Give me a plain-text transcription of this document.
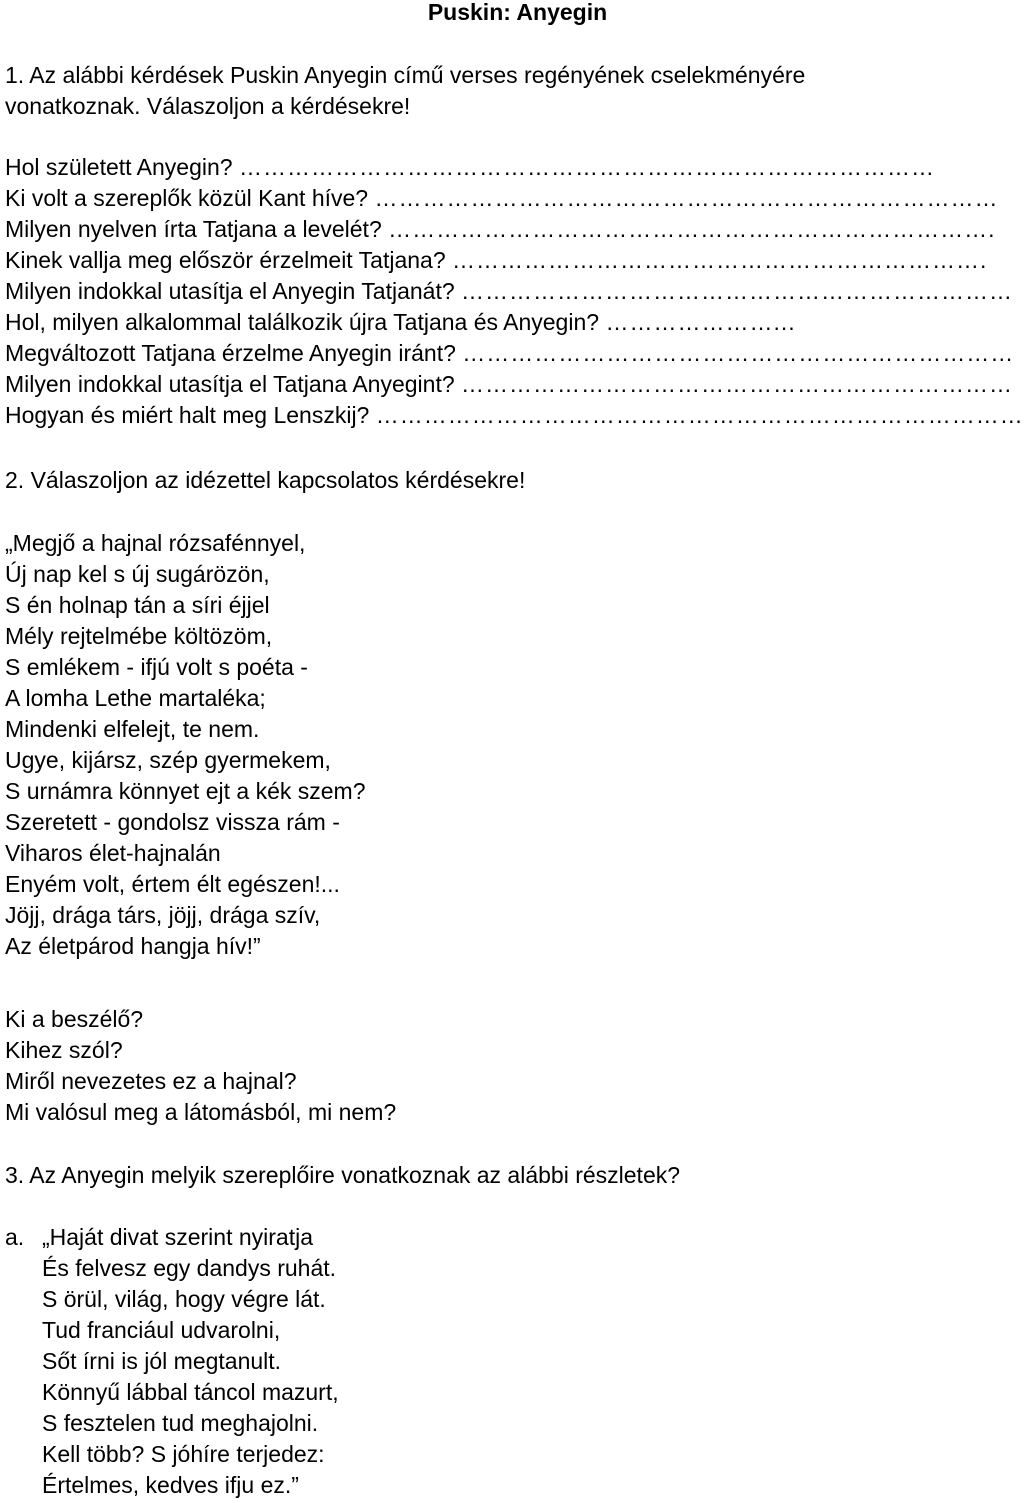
Puskin: Anyegin
1. Az alábbi kérdések Puskin Anyegin című verses regényének cselekményére
vonatkoznak. Válaszoljon a kérdésekre!
Hol született Anyegin? ……………………………………………………………………………
Ki volt a szereplők közül Kant híve? ……………………………………………………………………
Milyen nyelven írta Tatjana a levelét? ………………………………………………………………….
Kinek vallja meg először érzelmeit Tatjana? ………………………………………………………….
Milyen indokkal utasítja el Anyegin Tatjanát? ……………………………………………………………
Hol, milyen alkalommal találkozik újra Tatjana és Anyegin? …………………...
Megváltozott Tatjana érzelme Anyegin iránt? ……………………………………………………………
Milyen indokkal utasítja el Tatjana Anyegint? ……………………………………………………………
Hogyan és miért halt meg Lenszkij? ………………………………………………………………………
2. Válaszoljon az idézettel kapcsolatos kérdésekre!
„Megjő a hajnal rózsafénnyel,
Új nap kel s új sugárözön,
S én holnap tán a síri éjjel
Mély rejtelmébe költözöm,
S emlékem - ifjú volt s poéta -
A lomha Lethe martaléka;
Mindenki elfelejt, te nem.
Ugye, kijársz, szép gyermekem,
S urnámra könnyet ejt a kék szem?
Szeretett - gondolsz vissza rám -
Viharos élet-hajnalán
Enyém volt, értem élt egészen!...
Jöjj, drága társ, jöjj, drága szív,
Az életpárod hangja hív!”
Ki a beszélő?
Kihez szól?
Miről nevezetes ez a hajnal?
Mi valósul meg a látomásból, mi nem?
3. Az Anyegin melyik szereplőire vonatkoznak az alábbi részletek?
a. „Haját divat szerint nyiratja
És felvesz egy dandys ruhát.
S örül, világ, hogy végre lát.
Tud franciául udvarolni,
Sőt írni is jól megtanult.
Könnyű lábbal táncol mazurt,
S fesztelen tud meghajolni.
Kell több? S jóhíre terjedez:
Értelmes, kedves ifju ez.”
